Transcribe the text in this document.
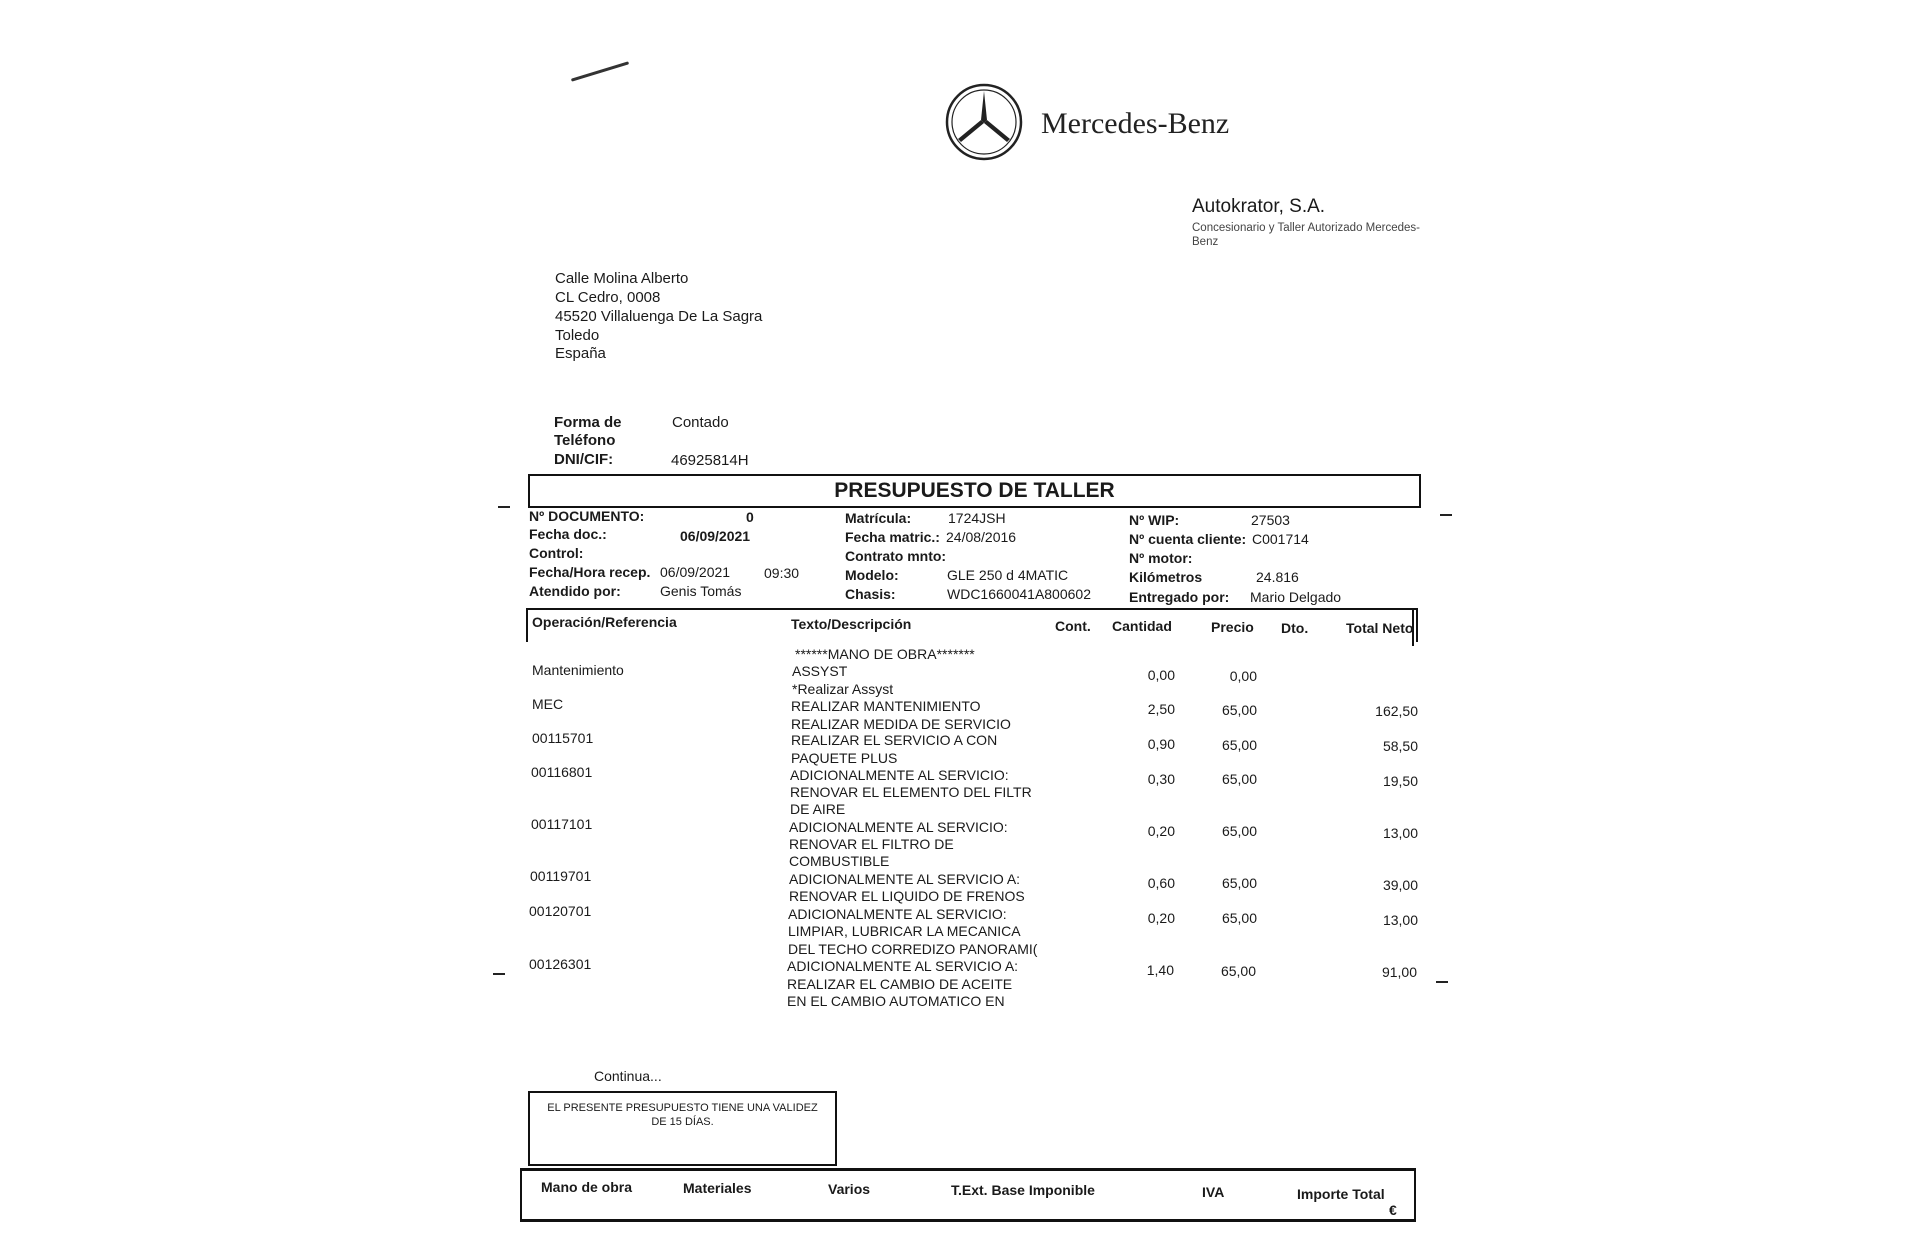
Mercedes-Benz
Autokrator, S.A.
Concesionario y Taller Autorizado Mercedes-
Benz
Calle Molina Alberto
CL Cedro, 0008
45520 Villaluenga De La Sagra
Toledo
España
Forma de	Contado
Teléfono
DNI/CIF:	46925814H
PRESUPUESTO DE TALLER
Nº DOCUMENTO:	0
Fecha doc.:	06/09/2021
Control:
Fecha/Hora recep. 06/09/2021 09:30
Atendido por:	Genis Tomás
Matrícula:	1724JSH
Fecha matric.: 24/08/2016
Contrato mnto:
Modelo:	GLE 250 d 4MATIC
Chasis:	WDC1660041A800602
Nº WIP:	27503
Nº cuenta cliente: C001714
Nº motor:
Kilómetros	24.816
Entregado por: Mario Delgado
Operación/Referencia	Texto/Descripción	Cont. Cantidad	Precio Dto.	Total Neto
******MANO DE OBRA*******
Mantenimiento	ASSYST
*Realizar Assyst
0,00	0,00
MEC	REALIZAR MANTENIMIENTO
REALIZAR MEDIDA DE SERVICIO
2,50	65,00	162,50
00115701	REALIZAR EL SERVICIO A CON
PAQUETE PLUS
0,90	65,00	58,50
00116801	ADICIONALMENTE AL SERVICIO:
RENOVAR EL ELEMENTO DEL FILTR
DE AIRE
0,30	65,00	19,50
00117101	ADICIONALMENTE AL SERVICIO:
RENOVAR EL FILTRO DE
COMBUSTIBLE
0,20	65,00	13,00
00119701	ADICIONALMENTE AL SERVICIO A:
RENOVAR EL LIQUIDO DE FRENOS
0,60	65,00	39,00
00120701	ADICIONALMENTE AL SERVICIO:
LIMPIAR, LUBRICAR LA MECANICA
DEL TECHO CORREDIZO PANORAMI(
0,20	65,00	13,00
00126301	ADICIONALMENTE AL SERVICIO A:
REALIZAR EL CAMBIO DE ACEITE
EN EL CAMBIO AUTOMATICO EN
1,40	65,00	91,00
Continua...
EL PRESENTE PRESUPUESTO TIENE UNA VALIDEZ
DE 15 DÍAS.
Mano de obra	Materiales	Varios	T.Ext. Base Imponible	IVA	Importe Total
€
